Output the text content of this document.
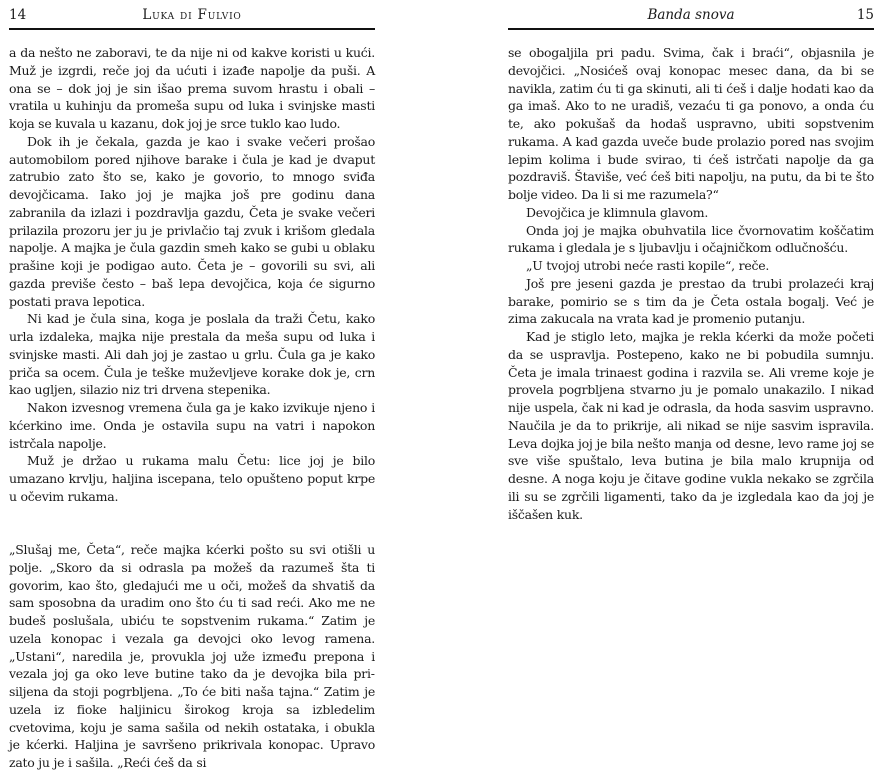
14	Luka di Fulvio

a da nešto ne zaboravi, te da nije ni od kakve koristi u kući. Muž je izgrdi, reče joj da ućuti i izađe napolje da puši. A ona se – dok joj je sin išao prema suvom hrastu i obali – vratila u kuhinju da promeša supu od luka i svinjske masti koja se kuvala u kazanu, dok joj je srce tuklo kao ludo.

Dok ih je čekala, gazda je kao i svake večeri prošao automobilom pored njihove barake i čula je kad je dvaput zatrubio zato što se, kako je govorio, to mnogo sviđa devojčicama. Iako joj je majka još pre godinu dana zabranila da izlazi i pozdravlja gazdu, Četa je svake večeri prilazila prozoru jer ju je privlačio taj zvuk i krišom gledala napolje. A majka je čula gazdin smeh kako se gubi u oblaku prašine koji je podigao auto. Četa je – govorili su svi, ali gazda previše često – baš lepa devojčica, koja će sigurno postati prava lepotica.

Ni kad je čula sina, koga je poslala da traži Četu, kako urla izdaleka, majka nije prestala da meša supu od luka i svinjske masti. Ali dah joj je zastao u grlu. Čula ga je kako priča sa ocem. Čula je teške muževljeve korake dok je, crn kao ugljen, silazio niz tri drvena stepenika.

Nakon izvesnog vremena čula ga je kako izvikuje njeno i kćerkino ime. Onda je ostavila supu na vatri i napokon istrčala napolje.

Muž je držao u rukama malu Četu: lice joj je bilo umazano krvlju, haljina iscepana, telo opušteno poput krpe u očevim rukama.

„Slušaj me, Četa“, reče majka kćerki pošto su svi otišli u polje. „Skoro da si odrasla pa možeš da razumeš šta ti govorim, kao što, gledajući me u oči, možeš da shvatiš da sam sposobna da uradim ono što ću ti sad reći. Ako me ne budeš poslušala, ubiću te sopstvenim rukama.“ Zatim je uzela konopac i vezala ga devojci oko levog ramena. „Ustani“, naredila je, provukla joj uže između prepona i vezala joj ga oko leve butine tako da je devojka bila prisiljena da stoji pogrbljena. „To će biti naša tajna.“ Zatim je uzela iz fioke haljinicu širokog kroja sa izbledelim cvetovima, koju je sama sašila od nekih ostataka, i obukla je kćerki. Haljina je savršeno prikrivala konopac. Upravo zato ju je i sašila. „Reći ćeš da si

Banda snova	15

se obogaljila pri padu. Svima, čak i braći“, objasnila je devojčici. „Nosićeš ovaj konopac mesec dana, da bi se navikla, zatim ću ti ga skinuti, ali ti ćeš i dalje hodati kao da ga imaš. Ako to ne uradiš, vezaću ti ga ponovo, a onda ću te, ako pokušaš da hodaš uspravno, ubiti sopstvenim rukama. A kad gazda uveče bude prolazio pored nas svojim lepim kolima i bude svirao, ti ćeš istrčati napolje da ga pozdraviš. Štaviše, već ćeš biti napolju, na putu, da bi te što bolje video. Da li si me razumela?“

Devojčica je klimnula glavom.

Onda joj je majka obuhvatila lice čvornovatim koščatim rukama i gledala je s ljubavlju i očajničkom odlučnošću.

„U tvojoj utrobi neće rasti kopile“, reče.

Još pre jeseni gazda je prestao da trubi prolazeći kraj barake, pomirio se s tim da je Četa ostala bogalj. Već je zima zakucala na vrata kad je promenio putanju.

Kad je stiglo leto, majka je rekla kćerki da može početi da se uspravlja. Postepeno, kako ne bi pobudila sumnju. Četa je imala trinaest godina i razvila se. Ali vreme koje je provela pogrbljena stvarno ju je pomalo unakazilo. I nikad nije uspela, čak ni kad je odrasla, da hoda sasvim uspravno. Naučila je da to prikrije, ali nikad se nije sasvim ispravila. Leva dojka joj je bila nešto manja od desne, levo rame joj se sve više spuštalo, leva butina je bila malo krupnija od desne. A noga koju je čitave godine vukla nekako se zgrčila ili su se zgrčili ligamenti, tako da je izgledala kao da joj je iščašen kuk.
